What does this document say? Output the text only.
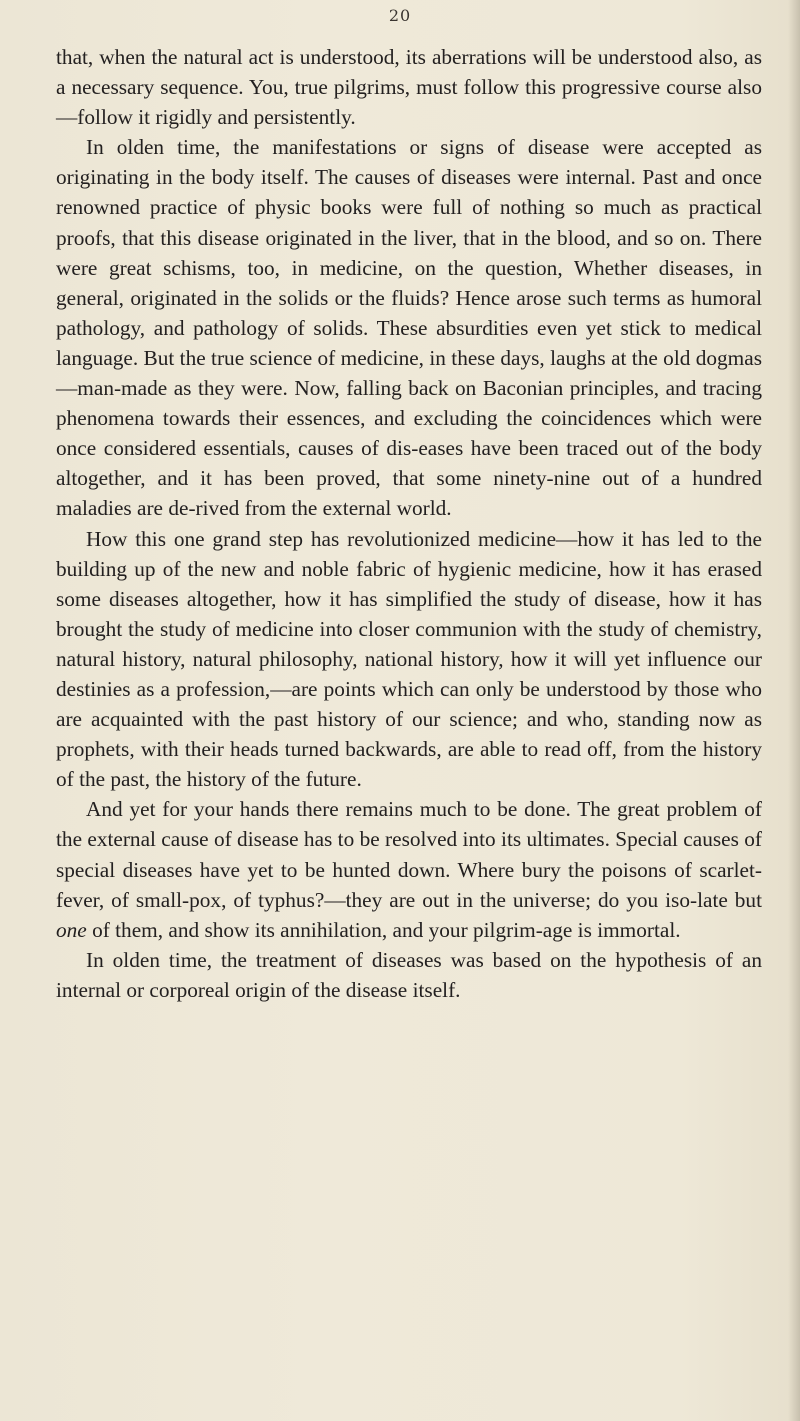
20

that, when the natural act is understood, its aberrations will be understood also, as a necessary sequence. You, true pilgrims, must follow this progressive course also—follow it rigidly and persistently.

In olden time, the manifestations or signs of disease were accepted as originating in the body itself. The causes of diseases were internal. Past and once renowned practice of physic books were full of nothing so much as practical proofs, that this disease originated in the liver, that in the blood, and so on. There were great schisms, too, in medicine, on the question, Whether diseases, in general, originated in the solids or the fluids? Hence arose such terms as humoral pathology, and pathology of solids. These absurdities even yet stick to medical language. But the true science of medicine, in these days, laughs at the old dogmas—man-made as they were. Now, falling back on Baconian principles, and tracing phenomena towards their essences, and excluding the coincidences which were once considered essentials, causes of dis-eases have been traced out of the body altogether, and it has been proved, that some ninety-nine out of a hundred maladies are de-rived from the external world.

How this one grand step has revolutionized medicine—how it has led to the building up of the new and noble fabric of hygienic medicine, how it has erased some diseases altogether, how it has simplified the study of disease, how it has brought the study of medicine into closer communion with the study of chemistry, natural history, natural philosophy, national history, how it will yet influence our destinies as a profession,—are points which can only be understood by those who are acquainted with the past history of our science; and who, standing now as prophets, with their heads turned backwards, are able to read off, from the history of the past, the history of the future.

And yet for your hands there remains much to be done. The great problem of the external cause of disease has to be resolved into its ultimates. Special causes of special diseases have yet to be hunted down. Where bury the poisons of scarlet-fever, of small-pox, of typhus?—they are out in the universe; do you iso-late but one of them, and show its annihilation, and your pilgrim-age is immortal.

In olden time, the treatment of diseases was based on the hypothesis of an internal or corporeal origin of the disease itself.
